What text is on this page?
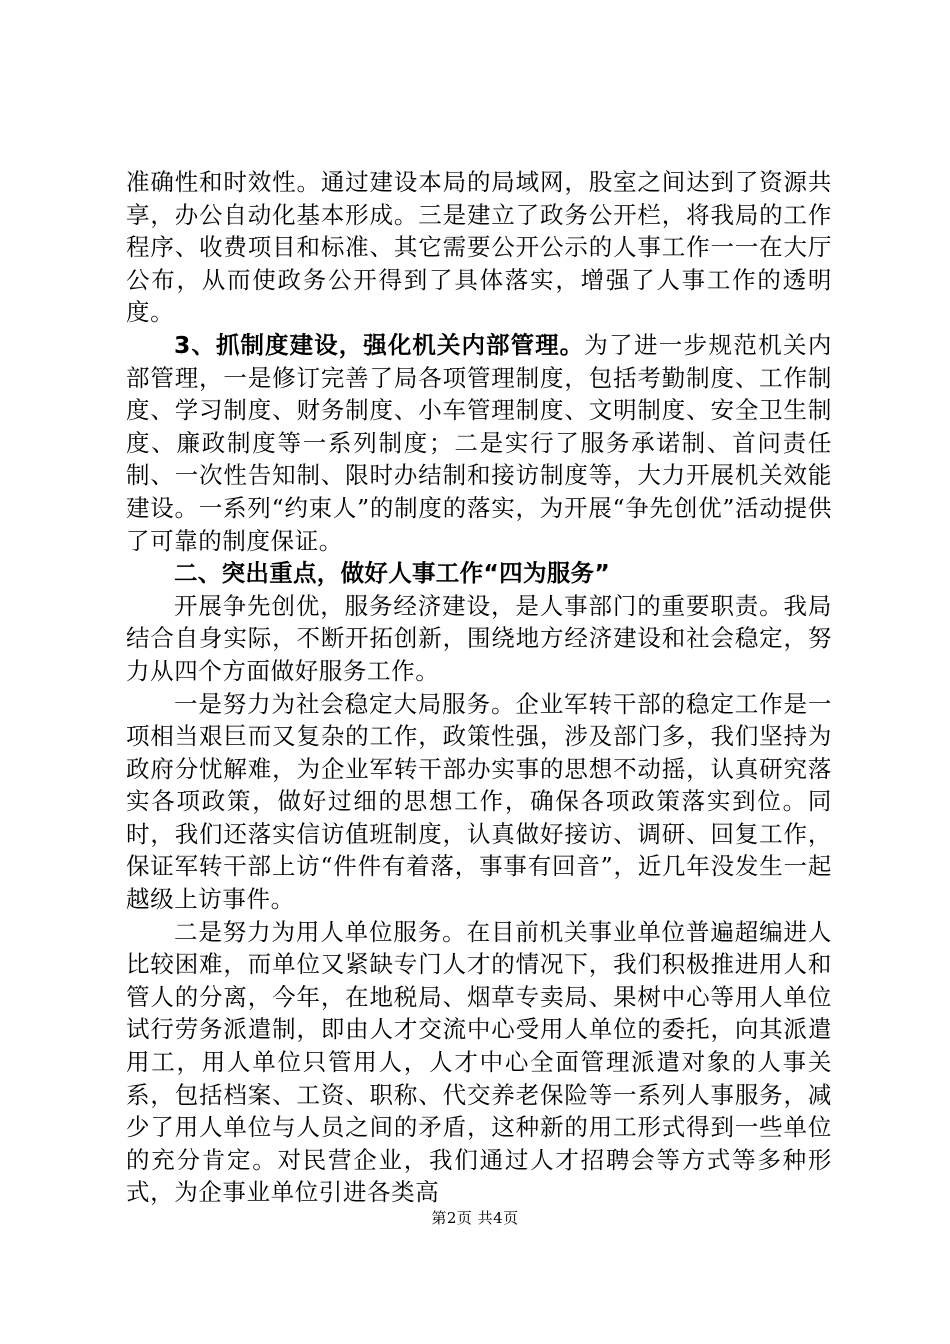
准确性和时效性。通过建设本局的局域网，股室之间达到了资源共享，办公自动化基本形成。三是建立了政务公开栏，将我局的工作程序、收费项目和标准、其它需要公开公示的人事工作一一在大厅公布，从而使政务公开得到了具体落实，增强了人事工作的透明度。

3、抓制度建设，强化机关内部管理。为了进一步规范机关内部管理，一是修订完善了局各项管理制度，包括考勤制度、工作制度、学习制度、财务制度、小车管理制度、文明制度、安全卫生制度、廉政制度等一系列制度；二是实行了服务承诺制、首问责任制、一次性告知制、限时办结制和接访制度等，大力开展机关效能建设。一系列“约束人”的制度的落实，为开展“争先创优”活动提供了可靠的制度保证。

二、突出重点，做好人事工作“四为服务”

开展争先创优，服务经济建设，是人事部门的重要职责。我局结合自身实际，不断开拓创新，围绕地方经济建设和社会稳定，努力从四个方面做好服务工作。

一是努力为社会稳定大局服务。企业军转干部的稳定工作是一项相当艰巨而又复杂的工作，政策性强，涉及部门多，我们坚持为政府分忧解难，为企业军转干部办实事的思想不动摇，认真研究落实各项政策，做好过细的思想工作，确保各项政策落实到位。同时，我们还落实信访值班制度，认真做好接访、调研、回复工作，保证军转干部上访“件件有着落，事事有回音”，近几年没发生一起越级上访事件。

二是努力为用人单位服务。在目前机关事业单位普遍超编进人比较困难，而单位又紧缺专门人才的情况下，我们积极推进用人和管人的分离，今年，在地税局、烟草专卖局、果树中心等用人单位试行劳务派遣制，即由人才交流中心受用人单位的委托，向其派遣用工，用人单位只管用人，人才中心全面管理派遣对象的人事关系，包括档案、工资、职称、代交养老保险等一系列人事服务，减少了用人单位与人员之间的矛盾，这种新的用工形式得到一些单位的充分肯定。对民营企业，我们通过人才招聘会等方式等多种形式，为企事业单位引进各类高

第2页 共4页
